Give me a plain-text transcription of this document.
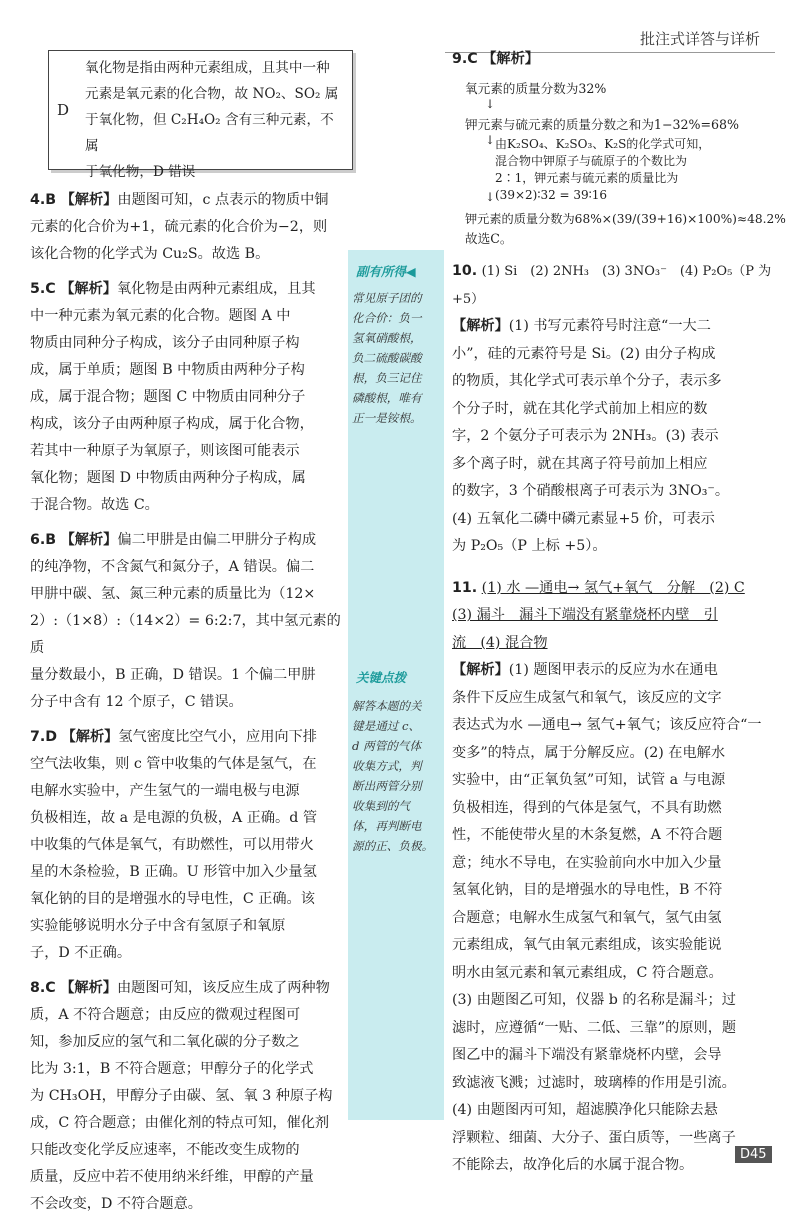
批注式详答与详析
D
氧化物是指由两种元素组成，且其中一种
元素是氧元素的化合物，故 NO₂、SO₂ 属
于氧化物，但 C₂H₄O₂ 含有三种元素，不属
于氧化物，D 错误
4.B 【解析】由题图可知，c 点表示的物质中铜
元素的化合价为+1，硫元素的化合价为−2，则
该化合物的化学式为 Cu₂S。故选 B。
5.C 【解析】氧化物是由两种元素组成，且其
中一种元素为氧元素的化合物。题图 A 中
物质由同种分子构成，该分子由同种原子构
成，属于单质；题图 B 中物质由两种分子构
成，属于混合物；题图 C 中物质由同种分子
构成，该分子由两种原子构成，属于化合物，
若其中一种原子为氧原子，则该图可能表示
氧化物；题图 D 中物质由两种分子构成，属
于混合物。故选 C。
6.B 【解析】偏二甲肼是由偏二甲肼分子构成
的纯净物，不含氮气和氮分子，A 错误。偏二
甲肼中碳、氢、氮三种元素的质量比为（12×
2）:（1×8）:（14×2）= 6:2:7，其中氢元素的质
量分数最小，B 正确，D 错误。1 个偏二甲肼
分子中含有 12 个原子，C 错误。
7.D 【解析】氢气密度比空气小，应用向下排
空气法收集，则 c 管中收集的气体是氢气，在
电解水实验中，产生氢气的一端电极与电源
负极相连，故 a 是电源的负极，A 正确。d 管
中收集的气体是氧气，有助燃性，可以用带火
星的木条检验，B 正确。U 形管中加入少量氢
氧化钠的目的是增强水的导电性，C 正确。该
实验能够说明水分子中含有氢原子和氧原
子，D 不正确。
8.C 【解析】由题图可知，该反应生成了两种物
质，A 不符合题意；由反应的微观过程图可
知，参加反应的氢气和二氧化碳的分子数之
比为 3:1，B 不符合题意；甲醇分子的化学式
为 CH₃OH，甲醇分子由碳、氢、氧 3 种原子构
成，C 符合题意；由催化剂的特点可知，催化剂
只能改变化学反应速率，不能改变生成物的
质量，反应中若不使用纳米纤维，甲醇的产量
不会改变，D 不符合题意。
副有所得◀
常见原子团的
化合价：负一
氢氧硝酸根，
负二硫酸碳酸
根，负三记住
磷酸根，唯有
正一是铵根。
关键点拨
解答本题的关
键是通过 c、
d 两管的气体
收集方式，判
断出两管分别
收集到的气
体，再判断电
源的正、负极。
9.C 【解析】
氧元素的质量分数为32%
↓
钾元素与硫元素的质量分数之和为1−32%=68%
↓ 由K₂SO₄、K₂SO₃、K₂S的化学式可知，
混合物中钾原子与硫原子的个数比为
2∶1，钾元素与硫元素的质量比为
(39×2)∶32 = 39∶16
↓
钾元素的质量分数为68%×(39/(39+16)×100%)≈48.2%
故选C。
10. (1) Si　(2) 2NH₃　(3) 3NO₃⁻　(4) P₂O₅（P 为 +5）
【解析】(1) 书写元素符号时注意“一大二
小”，硅的元素符号是 Si。(2) 由分子构成
的物质，其化学式可表示单个分子，表示多
个分子时，就在其化学式前加上相应的数
字，2 个氨分子可表示为 2NH₃。(3) 表示
多个离子时，就在其离子符号前加上相应
的数字，3 个硝酸根离子可表示为 3NO₃⁻。
(4) 五氧化二磷中磷元素显+5 价，可表示
为 P₂O₅（P 上标 +5）。
11. (1) 水 —通电→ 氢气+氧气　分解　(2) C
(3) 漏斗　漏斗下端没有紧靠烧杯内壁　引
流　(4) 混合物
【解析】(1) 题图甲表示的反应为水在通电
条件下反应生成氢气和氧气，该反应的文字
表达式为水 —通电→ 氢气+氧气；该反应符合“一
变多”的特点，属于分解反应。(2) 在电解水
实验中，由“正氧负氢”可知，试管 a 与电源
负极相连，得到的气体是氢气，不具有助燃
性，不能使带火星的木条复燃，A 不符合题
意；纯水不导电，在实验前向水中加入少量
氢氧化钠，目的是增强水的导电性，B 不符
合题意；电解水生成氢气和氧气，氢气由氢
元素组成，氧气由氧元素组成，该实验能说
明水由氢元素和氧元素组成，C 符合题意。
(3) 由题图乙可知，仪器 b 的名称是漏斗；过
滤时，应遵循“一贴、二低、三靠”的原则，题
图乙中的漏斗下端没有紧靠烧杯内壁，会导
致滤液飞溅；过滤时，玻璃棒的作用是引流。
(4) 由题图丙可知，超滤膜净化只能除去悬
浮颗粒、细菌、大分子、蛋白质等，一些离子
不能除去，故净化后的水属于混合物。
D45
